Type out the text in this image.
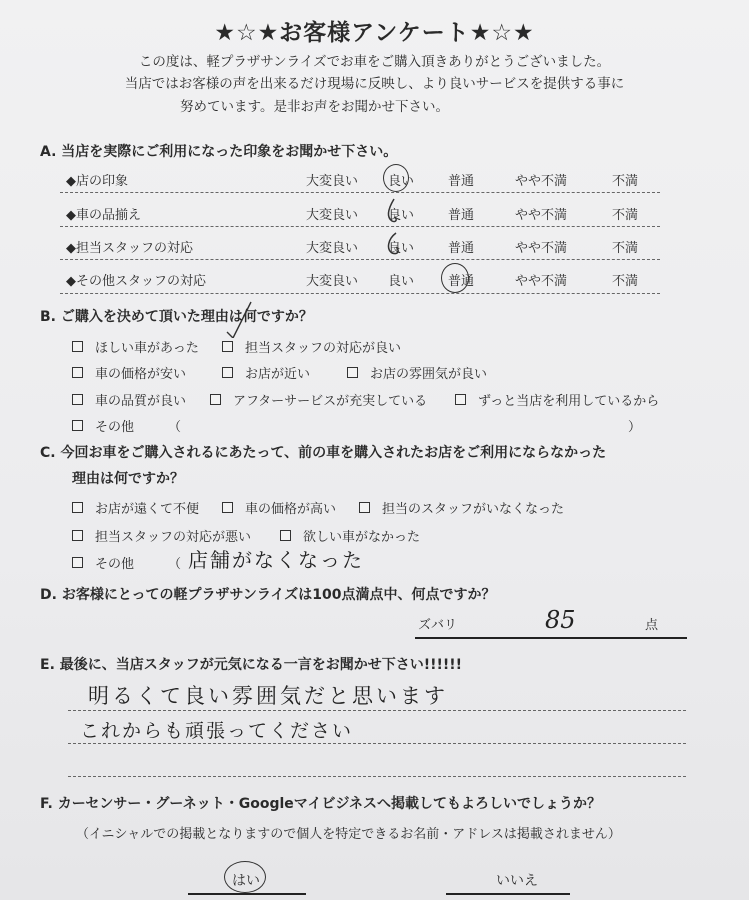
★☆★お客様アンケート★☆★
この度は、軽プラザサンライズでお車をご購入頂きありがとうございました。
当店ではお客様の声を出来るだけ現場に反映し、より良いサービスを提供する事に
努めています。是非お声をお聞かせ下さい。
A. 当店を実際にご利用になった印象をお聞かせ下さい。
◆店の印象	大変良い 良い	普通	やや不満	不満
◆車の品揃え	大変良い 良い	普通	やや不満	不満
◆担当スタッフの対応	大変良い 良い	普通	やや不満	不満
◆その他スタッフの対応	大変良い 良い	普通	やや不満	不満
B. ご購入を決めて頂いた理由は何ですか？
ほしい車があった	担当スタッフの対応が良い
車の価格が安い	お店が近い	お店の雰囲気が良い
車の品質が良い	アフターサービスが充実している	ずっと当店を利用しているから
その他	（	）
C. 今回お車をご購入されるにあたって、前の車を購入されたお店をご利用にならなかった
理由は何ですか？
お店が遠くて不便	車の価格が高い	担当のスタッフがいなくなった
担当スタッフの対応が悪い	欲しい車がなかった
その他	（ 店舗がなくなった
D. お客様にとっての軽プラザサンライズは100点満点中、何点ですか？
ズバリ	85	点
E. 最後に、当店スタッフが元気になる一言をお聞かせ下さい!!!!!!
明るくて良い雰囲気だと思います
これからも頑張ってください
F. カーセンサー・グーネット・Googleマイビジネスへ掲載してもよろしいでしょうか？
（イニシャルでの掲載となりますので個人を特定できるお名前・アドレスは掲載されません）
はい	いいえ
